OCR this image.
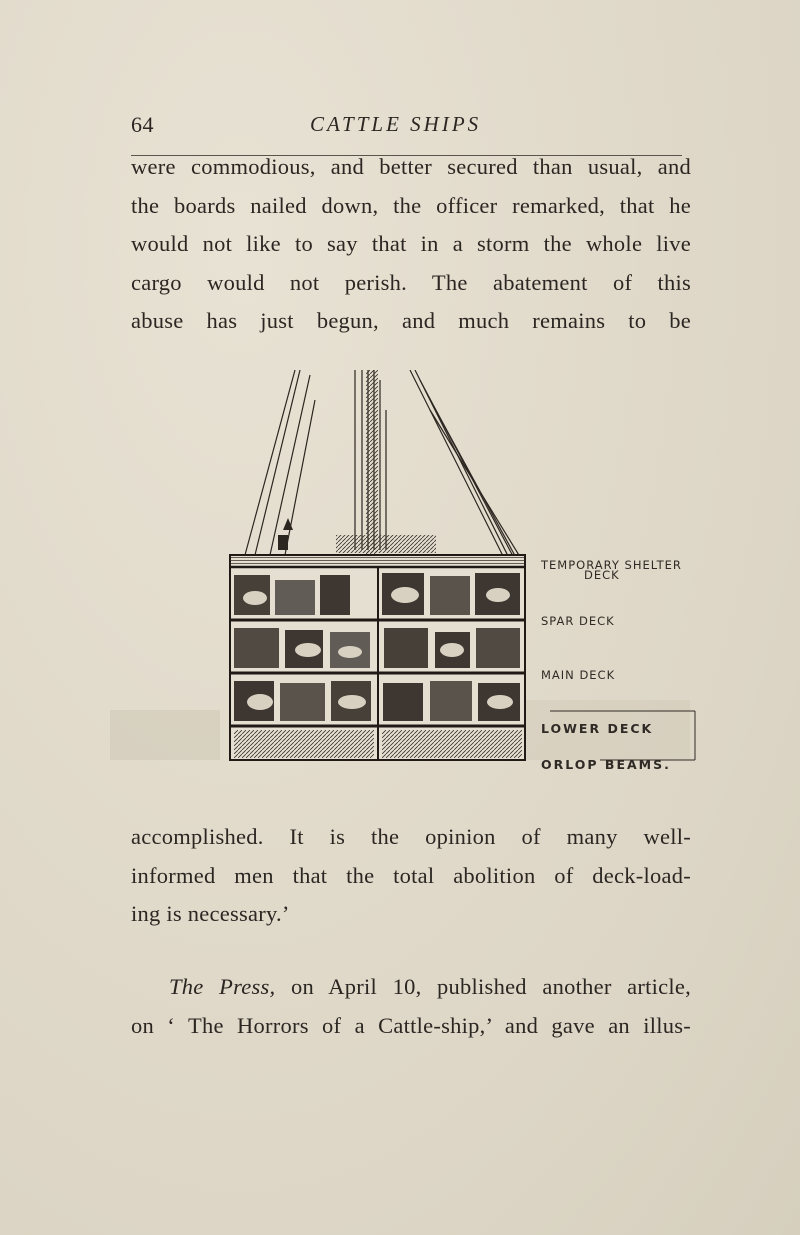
64	CATTLE SHIPS
were commodious, and better secured than usual, and
the boards nailed down, the officer remarked, that he
would not like to say that in a storm the whole live
cargo would not perish. The abatement of this
abuse has just begun, and much remains to be
TEMPORARY SHELTER
DECK
SPAR DECK
MAIN DECK
LOWER DECK
ORLOP BEAMS.
accomplished. It is the opinion of many well-
informed men that the total abolition of deck-load-
ing is necessary.’
The Press, on April 10, published another article,
on ‘ The Horrors of a Cattle-ship,’ and gave an illus-
